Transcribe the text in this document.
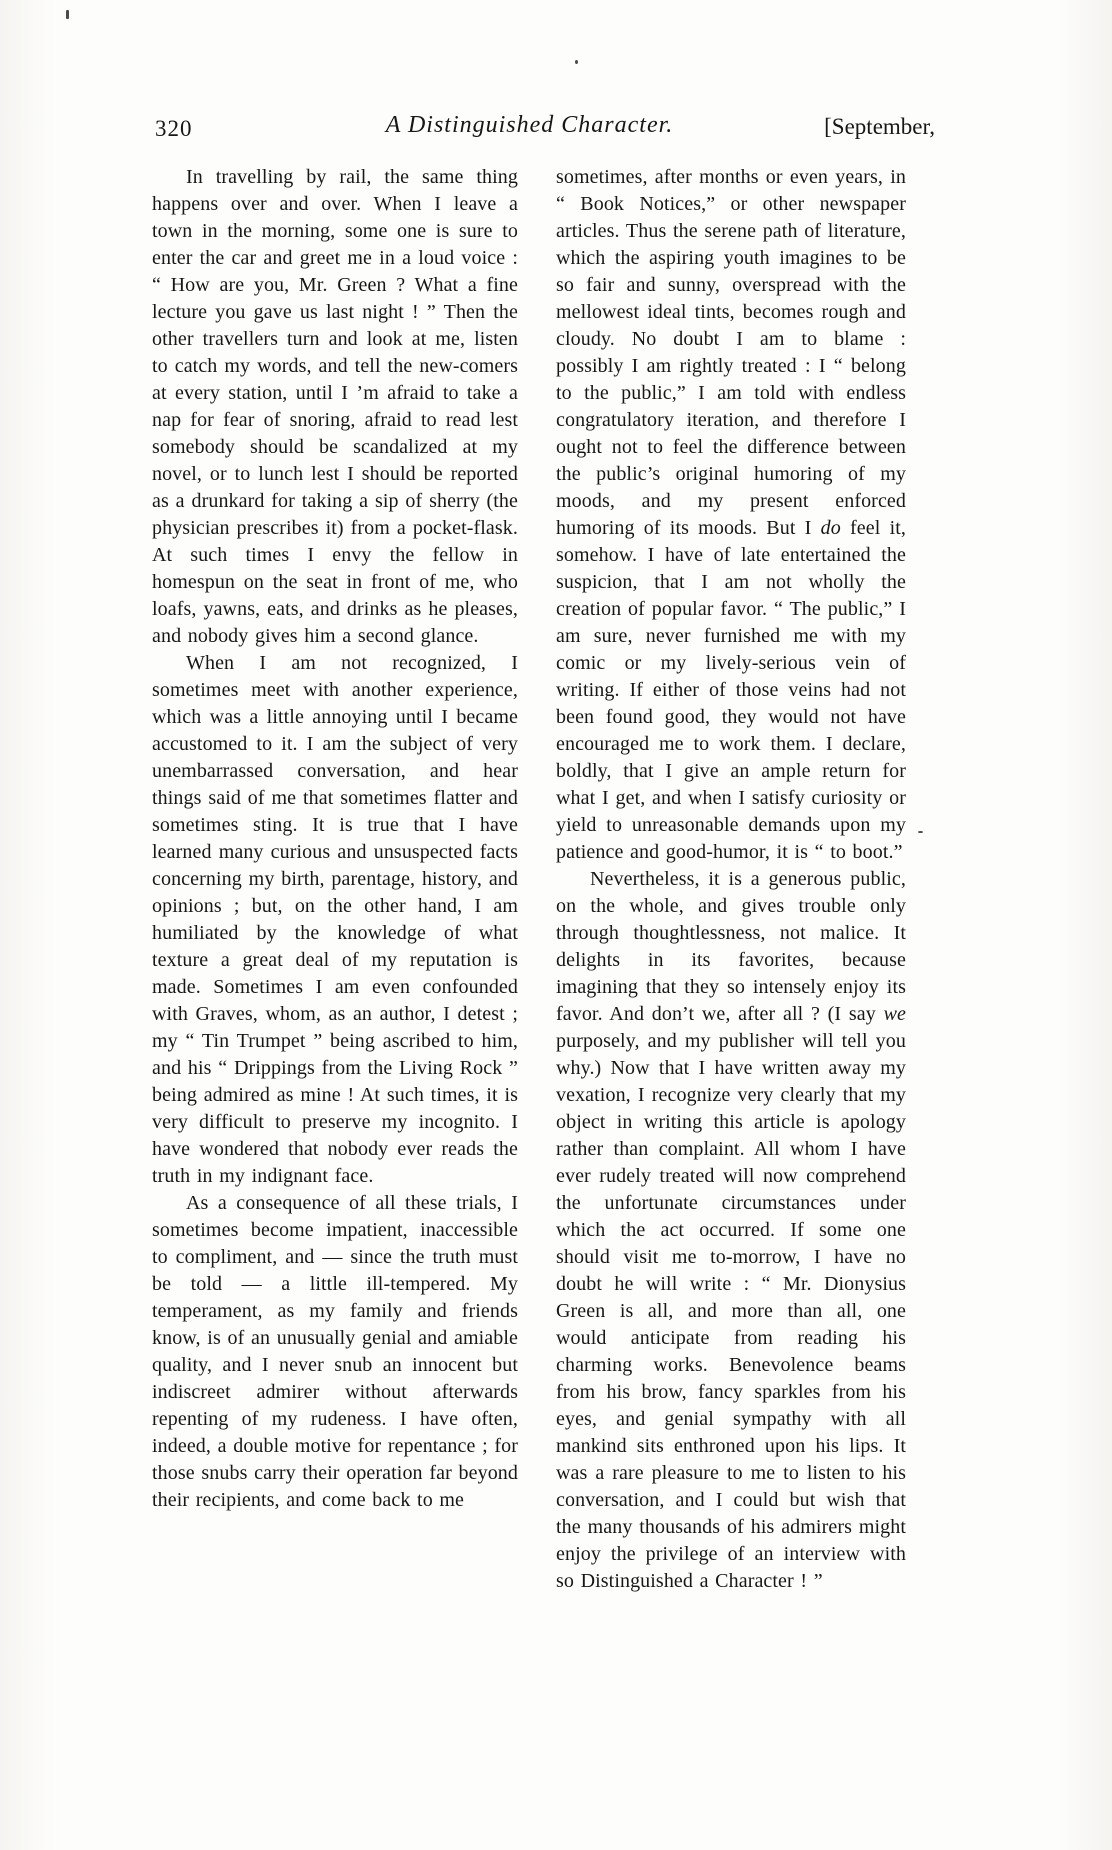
320	A Distinguished Character.	[September,

In travelling by rail, the same thing happens over and over. When I leave a town in the morning, some one is sure to enter the car and greet me in a loud voice : “ How are you, Mr. Green ? What a fine lecture you gave us last night ! ” Then the other travellers turn and look at me, listen to catch my words, and tell the new-comers at every station, until I ’m afraid to take a nap for fear of snoring, afraid to read lest somebody should be scandalized at my novel, or to lunch lest I should be reported as a drunkard for taking a sip of sherry (the physician prescribes it) from a pocket-flask. At such times I envy the fellow in homespun on the seat in front of me, who loafs, yawns, eats, and drinks as he pleases, and nobody gives him a second glance.

When I am not recognized, I sometimes meet with another experience, which was a little annoying until I became accustomed to it. I am the subject of very unembarrassed conversation, and hear things said of me that sometimes flatter and sometimes sting. It is true that I have learned many curious and unsuspected facts concerning my birth, parentage, history, and opinions ; but, on the other hand, I am humiliated by the knowledge of what texture a great deal of my reputation is made. Sometimes I am even confounded with Graves, whom, as an author, I detest ; my “ Tin Trumpet ” being ascribed to him, and his “ Drippings from the Living Rock ” being admired as mine ! At such times, it is very difficult to preserve my incognito. I have wondered that nobody ever reads the truth in my indignant face.

As a consequence of all these trials, I sometimes become impatient, inaccessible to compliment, and — since the truth must be told — a little ill-tempered. My temperament, as my family and friends know, is of an unusually genial and amiable quality, and I never snub an innocent but indiscreet admirer without afterwards repenting of my rudeness. I have often, indeed, a double motive for repentance ; for those snubs carry their operation far beyond their recipients, and come back to me

sometimes, after months or even years, in “ Book Notices,” or other newspaper articles. Thus the serene path of literature, which the aspiring youth imagines to be so fair and sunny, overspread with the mellowest ideal tints, becomes rough and cloudy. No doubt I am to blame : possibly I am rightly treated : I “ belong to the public,” I am told with endless congratulatory iteration, and therefore I ought not to feel the difference between the public’s original humoring of my moods, and my present enforced humoring of its moods. But I do feel it, somehow. I have of late entertained the suspicion, that I am not wholly the creation of popular favor. “ The public,” I am sure, never furnished me with my comic or my lively-serious vein of writing. If either of those veins had not been found good, they would not have encouraged me to work them. I declare, boldly, that I give an ample return for what I get, and when I satisfy curiosity or yield to unreasonable demands upon my patience and good-humor, it is “ to boot.”

Nevertheless, it is a generous public, on the whole, and gives trouble only through thoughtlessness, not malice. It delights in its favorites, because imagining that they so intensely enjoy its favor. And don’t we, after all ? (I say we purposely, and my publisher will tell you why.) Now that I have written away my vexation, I recognize very clearly that my object in writing this article is apology rather than complaint. All whom I have ever rudely treated will now comprehend the unfortunate circumstances under which the act occurred. If some one should visit me to-morrow, I have no doubt he will write : “ Mr. Dionysius Green is all, and more than all, one would anticipate from reading his charming works. Benevolence beams from his brow, fancy sparkles from his eyes, and genial sympathy with all mankind sits enthroned upon his lips. It was a rare pleasure to me to listen to his conversation, and I could but wish that the many thousands of his admirers might enjoy the privilege of an interview with so Distinguished a Character ! ”
